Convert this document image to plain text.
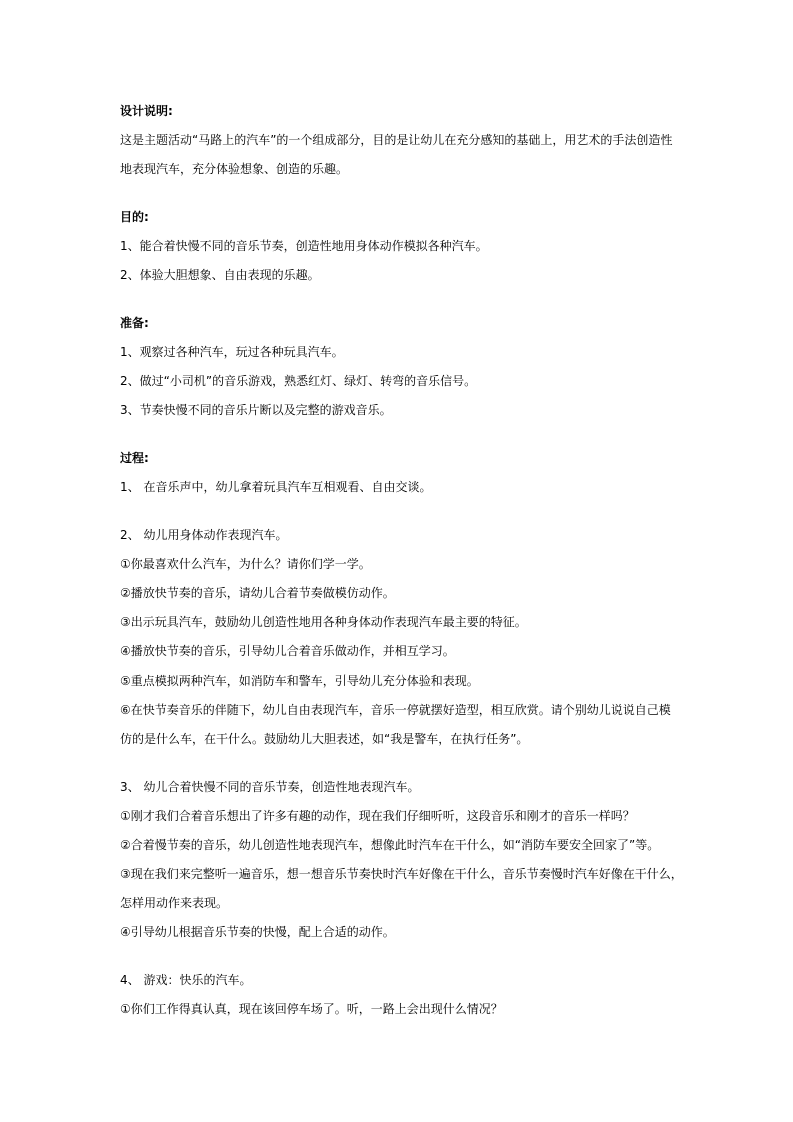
设计说明:
这是主题活动“马路上的汽车”的一个组成部分，目的是让幼儿在充分感知的基础上，用艺术的手法创造性
地表现汽车，充分体验想象、创造的乐趣。
目的:
1、能合着快慢不同的音乐节奏，创造性地用身体动作模拟各种汽车。
2、体验大胆想象、自由表现的乐趣。
准备:
1、观察过各种汽车，玩过各种玩具汽车。
2、做过“小司机”的音乐游戏，熟悉红灯、绿灯、转弯的音乐信号。
3、节奏快慢不同的音乐片断以及完整的游戏音乐。
过程:
1、 在音乐声中，幼儿拿着玩具汽车互相观看、自由交谈。
2、 幼儿用身体动作表现汽车。
①你最喜欢什么汽车，为什么？请你们学一学。
②播放快节奏的音乐，请幼儿合着节奏做模仿动作。
③出示玩具汽车，鼓励幼儿创造性地用各种身体动作表现汽车最主要的特征。
④播放快节奏的音乐，引导幼儿合着音乐做动作，并相互学习。
⑤重点模拟两种汽车，如消防车和警车，引导幼儿充分体验和表现。
⑥在快节奏音乐的伴随下，幼儿自由表现汽车，音乐一停就摆好造型，相互欣赏。请个别幼儿说说自己模
仿的是什么车，在干什么。鼓励幼儿大胆表述，如“我是警车，在执行任务”。
3、 幼儿合着快慢不同的音乐节奏，创造性地表现汽车。
①刚才我们合着音乐想出了许多有趣的动作，现在我们仔细听听，这段音乐和刚才的音乐一样吗？
②合着慢节奏的音乐，幼儿创造性地表现汽车，想像此时汽车在干什么，如“消防车要安全回家了”等。
③现在我们来完整听一遍音乐，想一想音乐节奏快时汽车好像在干什么，音乐节奏慢时汽车好像在干什么，
怎样用动作来表现。
④引导幼儿根据音乐节奏的快慢，配上合适的动作。
4、 游戏：快乐的汽车。
①你们工作得真认真，现在该回停车场了。听，一路上会出现什么情况？
